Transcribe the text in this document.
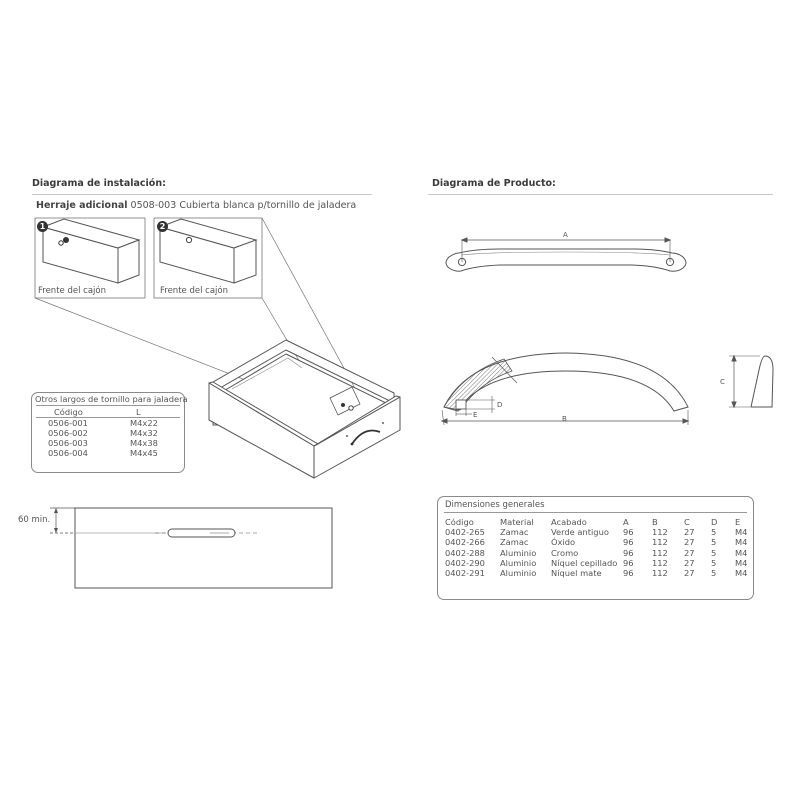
A
B
D
E
C
Diagrama de instalación:
Herraje adicional 0508-003 Cubierta blanca p/tornillo de jaladera
1	2
Frente del cajón	Frente del cajón
Otros largos de tornillo para jaladera
Código	L
0506-001	M4x22
0506-002	M4x32
0506-003	M4x38
0506-004	M4x45
60 min.
Diagrama de Producto:
Dimensiones generales
Código	Material	Acabado	A	B	C	D	E
0402-265	Zamac	Verde antiguo	96	112	27	5	M4
0402-266	Zamac	Óxido	96	112	27	5	M4
0402-288	Aluminio	Cromo	96	112	27	5	M4
0402-290	Aluminio	Níquel cepillado	96	112	27	5	M4
0402-291	Aluminio	Níquel mate	96	112	27	5	M4
